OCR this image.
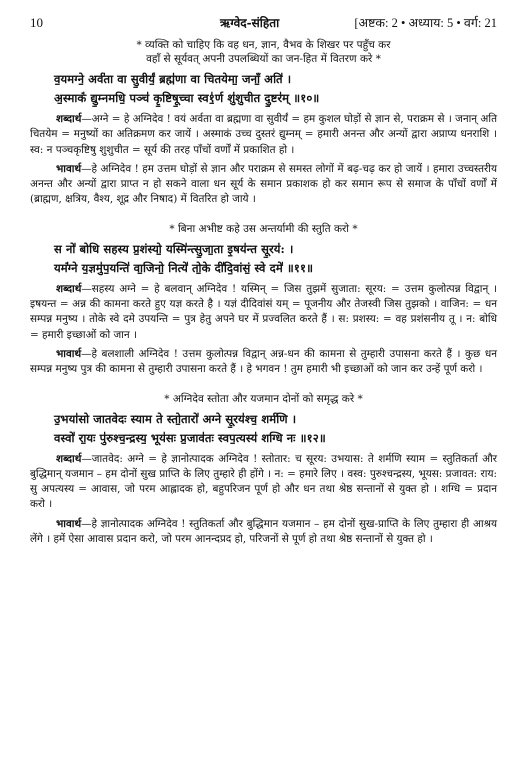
10	ऋग्वेद-संहिता	[अष्टक: 2 • अध्याय: 5 • वर्ग: 21
* व्यक्ति को चाहिए कि वह धन, ज्ञान, वैभव के शिखर पर पहुँच कर
वहाँ से सूर्यवत् अपनी उपलब्धियों का जन-हित में वितरण करे *
व॒यमग्ने॒ अर्व॑ता वा सु॒वीर्यं॒ ब्रह्म॑णा वा चितयेमा॒ जनाँ॒ अति॑ ।
अ॒स्माकं॑ द्यु॒म्नमधि॒ पञ्च॑ कृ॒ष्टिषू॒च्चा स्व१॒॑र्ण शु॑शुचीत दु॒ष्टर॑म् ॥१०॥

शब्दार्थ—अग्ने = हे अग्निदेव ! वयं अर्वता वा ब्रह्मणा वा सुवीर्यं = हम कुशल घोड़ों से ज्ञान से, पराक्रम से । जनान् अति चितयेम = मनुष्यों का अतिक्रमण कर जायें । अस्माकं उच्च दुस्तरं द्युम्नम् = हमारी अनन्त और अन्यों द्वारा अप्राप्य धनराशि । स्व: न पञ्चकृष्टिषु शुशुचीत = सूर्य की तरह पाँचों वर्णों में प्रकाशित हो ।

भावार्थ—हे अग्निदेव ! हम उत्तम घोड़ों से ज्ञान और पराक्रम से समस्त लोगों में बढ़-चढ़ कर हो जायें । हमारा उच्चस्तरीय अनन्त और अन्यों द्वारा प्राप्त न हो सकने वाला धन सूर्य के समान प्रकाशक हो कर समान रूप से समाज के पाँचों वर्णों में (ब्राह्मण, क्षत्रिय, वैश्य, शूद्र और निषाद) में वितरित हो जाये ।

* बिना अभीष्ट कहे उस अन्तर्यामी की स्तुति करो *
स नो॑ बोधि सहस्य प्र॒शंस्यो॒ यस्मि॑न्त्सु॒जा॒ता इ॒षय॑न्त सू॒रय॑: ।
यमं॑ग्ने य॒ज्ञमु॑प॒यन्ति॑ वा॒जिनो॒ नित्ये॑ तो॒के दी॑दि॒वांसं॒ स्वे दमे॑ ॥११॥

शब्दार्थ—सहस्य अग्ने = हे बलवान् अग्निदेव ! यस्मिन् = जिस तुझमें सुजाता: सूरय: = उत्तम कुलोत्पन्न विद्वान् । इषयन्त = अन्न की कामना करते हुए यज्ञ करते है । यज्ञं दीदिवांसं यम् = पूजनीय और तेजस्वी जिस तुझको । वाजिन: = धन सम्पन्न मनुष्य । तोके स्वे दमे उपयन्ति = पुत्र हेतु अपने घर में प्रज्वलित करते हैं । स: प्रशस्य: = वह प्रशंसनीय तू । न: बोधि = हमारी इच्छाओं को जान ।

भावार्थ—हे बलशाली अग्निदेव ! उत्तम कुलोत्पन्न विद्वान् अन्न-धन की कामना से तुम्हारी उपासना करते हैं । कुछ धन सम्पन्न मनुष्य पुत्र की कामना से तुम्हारी उपासना करते हैं । हे भगवन ! तुम हमारी भी इच्छाओं को जान कर उन्हें पूर्ण करो ।

* अग्निदेव स्तोता और यजमान दोनों को समृद्ध करे *
उ॒भया॑सो जातवेदः स्याम ते स्तो॒तारो॑ अग्ने सू॒रय॑श्च॒ शर्म॑णि ।
वस्वो॑ रा॒यः पु॑रुश्च॒न्द्रस्य॒ भूय॑सः प्र॒जाव॑तः स्वप॒त्यस्य॑ शग्धि नः ॥१२॥

शब्दार्थ—जातवेद: अग्ने = हे ज्ञानोत्पादक अग्निदेव ! स्तोतार: च सूरय: उभयास: ते शर्मणि स्याम = स्तुतिकर्ता और बुद्धिमान् यजमान – हम दोनों सुख प्राप्ति के लिए तुम्हारे ही होंगे । न: = हमारे लिए । वस्व: पुरुश्चन्द्रस्य, भूयस: प्रजावत: राय: सु अपत्यस्य = आवास, जो परम आह्लादक हो, बहुपरिजन पूर्ण हो और धन तथा श्रेष्ठ सन्तानों से युक्त हो । शग्धि = प्रदान करो ।

भावार्थ—हे ज्ञानोत्पादक अग्निदेव ! स्तुतिकर्ता और बुद्धिमान यजमान – हम दोनों सुख-प्राप्ति के लिए तुम्हारा ही आश्रय लेंगे । हमें ऐसा आवास प्रदान करो, जो परम आनन्दप्रद हो, परिजनों से पूर्ण हो तथा श्रेष्ठ सन्तानों से युक्त हो ।
